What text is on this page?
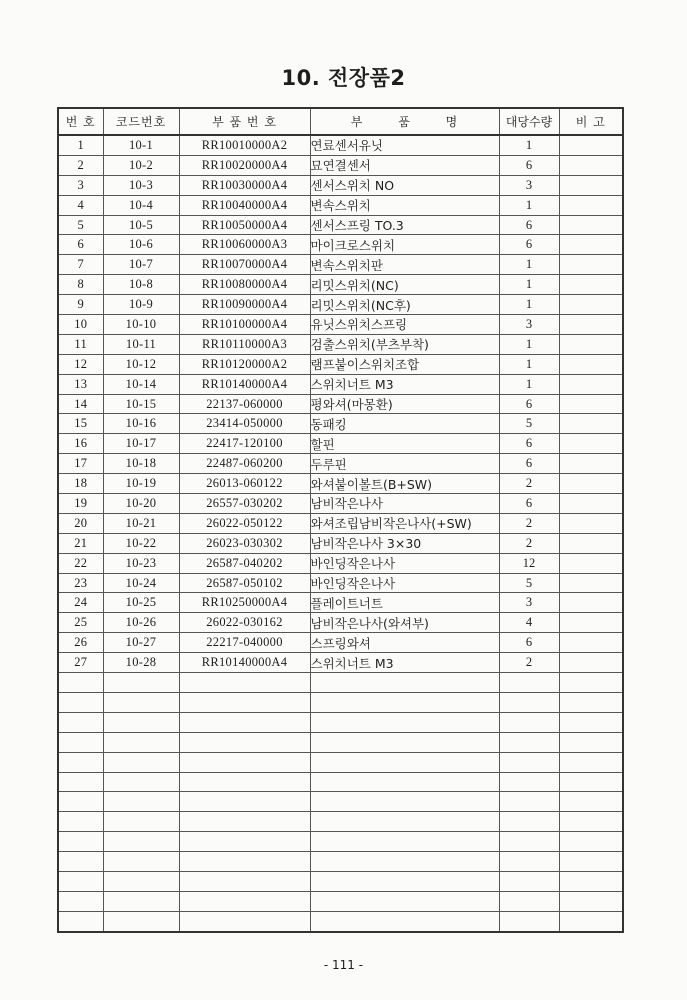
10. 전장품2
번 호	코드번호	부 품 번 호	부 품 명	대당수량	비 고
1	10-1	RR10010000A2	연료센서유닛	1	
2	10-2	RR10020000A4	묘연결센서	6	
3	10-3	RR10030000A4	센서스위치 NO	3	
4	10-4	RR10040000A4	변속스위치	1	
5	10-5	RR10050000A4	센서스프링 TO.3	6	
6	10-6	RR10060000A3	마이크로스위치	6	
7	10-7	RR10070000A4	변속스위치판	1	
8	10-8	RR10080000A4	리밋스위치(NC)	1	
9	10-9	RR10090000A4	리밋스위치(NC후)	1	
10	10-10	RR10100000A4	유닛스위치스프링	3	
11	10-11	RR10110000A3	검출스위치(부츠부착)	1	
12	10-12	RR10120000A2	램프붙이스위치조합	1	
13	10-14	RR10140000A4	스위치너트 M3	1	
14	10-15	22137-060000	평와셔(마몽환)	6	
15	10-16	23414-050000	동패킹	5	
16	10-17	22417-120100	할핀	6	
17	10-18	22487-060200	두루핀	6	
18	10-19	26013-060122	와셔붙이볼트(B+SW)	2	
19	10-20	26557-030202	남비작은나사	6	
20	10-21	26022-050122	와셔조립남비작은나사(+SW)	2	
21	10-22	26023-030302	남비작은나사 3×30	2	
22	10-23	26587-040202	바인딩작은나사	12	
23	10-24	26587-050102	바인딩작은나사	5	
24	10-25	RR10250000A4	플레이트너트	3	
25	10-26	26022-030162	남비작은나사(와셔부)	4	
26	10-27	22217-040000	스프링와셔	6	
27	10-28	RR10140000A4	스위치너트 M3	2	

- 111 -
